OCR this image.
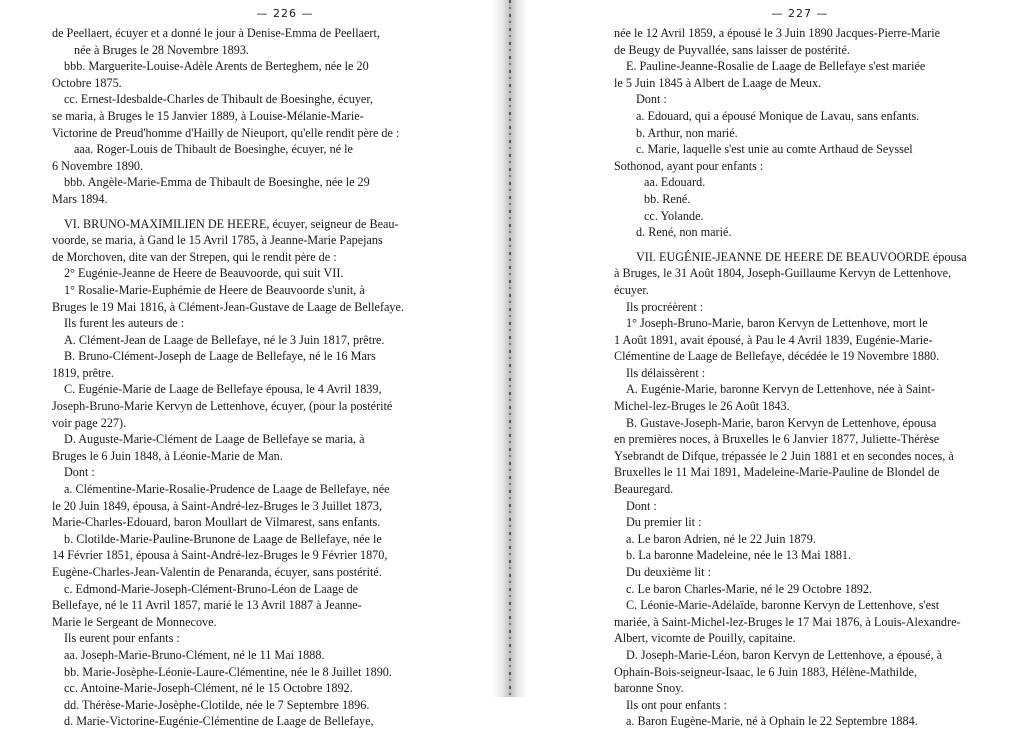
— 226 —
de Peellaert, écuyer et a donné le jour à Denise-Emma de Peellaert,
née à Bruges le 28 Novembre 1893.
bbb. Marguerite-Louise-Adèle Arents de Berteghem, née le 20
Octobre 1875.
cc. Ernest-Idesbalde-Charles de Thibault de Boesinghe, écuyer,
se maria, à Bruges le 15 Janvier 1889, à Louise-Mélanie-Marie-
Victorine de Preud'homme d'Hailly de Nieuport, qu'elle rendit père de :
aaa. Roger-Louis de Thibault de Boesinghe, écuyer, né le
6 Novembre 1890.
bbb. Angèle-Marie-Emma de Thibault de Boesinghe, née le 29
Mars 1894.
VI. BRUNO-MAXIMILIEN DE HEERE, écuyer, seigneur de Beau-
voorde, se maria, à Gand le 15 Avril 1785, à Jeanne-Marie Papejans
de Morchoven, dite van der Strepen, qui le rendit père de :
2° Eugénie-Jeanne de Heere de Beauvoorde, qui suit VII.
1° Rosalie-Marie-Euphémie de Heere de Beauvoorde s'unit, à
Bruges le 19 Mai 1816, à Clément-Jean-Gustave de Laage de Bellefaye.
Ils furent les auteurs de :
A. Clément-Jean de Laage de Bellefaye, né le 3 Juin 1817, prêtre.
B. Bruno-Clément-Joseph de Laage de Bellefaye, né le 16 Mars
1819, prêtre.
C. Eugénie-Marie de Laage de Bellefaye épousa, le 4 Avril 1839,
Joseph-Bruno-Marie Kervyn de Lettenhove, écuyer, (pour la postérité
voir page 227).
D. Auguste-Marie-Clément de Laage de Bellefaye se maria, à
Bruges le 6 Juin 1848, à Léonie-Marie de Man.
Dont :
a. Clémentine-Marie-Rosalie-Prudence de Laage de Bellefaye, née
le 20 Juin 1849, épousa, à Saint-André-lez-Bruges le 3 Juillet 1873,
Marie-Charles-Edouard, baron Moullart de Vilmarest, sans enfants.
b. Clotilde-Marie-Pauline-Brunone de Laage de Bellefaye, née le
14 Février 1851, épousa à Saint-André-lez-Bruges le 9 Février 1870,
Eugène-Charles-Jean-Valentin de Penaranda, écuyer, sans postérité.
c. Edmond-Marie-Joseph-Clément-Bruno-Léon de Laage de
Bellefaye, né le 11 Avril 1857, marié le 13 Avril 1887 à Jeanne-
Marie le Sergeant de Monnecove.
Ils eurent pour enfants :
aa. Joseph-Marie-Bruno-Clément, né le 11 Mai 1888.
bb. Marie-Josèphe-Léonie-Laure-Clémentine, née le 8 Juillet 1890.
cc. Antoine-Marie-Joseph-Clément, né le 15 Octobre 1892.
dd. Thérèse-Marie-Josèphe-Clotilde, née le 7 Septembre 1896.
d. Marie-Victorine-Eugénie-Clémentine de Laage de Bellefaye,
— 227 —
née le 12 Avril 1859, a épousé le 3 Juin 1890 Jacques-Pierre-Marie
de Beugy de Puyvallée, sans laisser de postérité.
E. Pauline-Jeanne-Rosalie de Laage de Bellefaye s'est mariée
le 5 Juin 1845 à Albert de Laage de Meux.
Dont :
a. Edouard, qui a épousé Monique de Lavau, sans enfants.
b. Arthur, non marié.
c. Marie, laquelle s'est unie au comte Arthaud de Seyssel
Sothonod, ayant pour enfants :
aa. Edouard.
bb. René.
cc. Yolande.
d. René, non marié.
VII. EUGÉNIE-JEANNE DE HEERE DE BEAUVOORDE épousa
à Bruges, le 31 Août 1804, Joseph-Guillaume Kervyn de Lettenhove,
écuyer.
Ils procréèrent :
1° Joseph-Bruno-Marie, baron Kervyn de Lettenhove, mort le
1 Août 1891, avait épousé, à Pau le 4 Avril 1839, Eugénie-Marie-
Clémentine de Laage de Bellefaye, décédée le 19 Novembre 1880.
Ils délaissèrent :
A. Eugénie-Marie, baronne Kervyn de Lettenhove, née à Saint-
Michel-lez-Bruges le 26 Août 1843.
B. Gustave-Joseph-Marie, baron Kervyn de Lettenhove, épousa
en premières noces, à Bruxelles le 6 Janvier 1877, Juliette-Thérèse
Ysebrandt de Difque, trépassée le 2 Juin 1881 et en secondes noces, à
Bruxelles le 11 Mai 1891, Madeleine-Marie-Pauline de Blondel de
Beauregard.
Dont :
Du premier lit :
a. Le baron Adrien, né le 22 Juin 1879.
b. La baronne Madeleine, née le 13 Mai 1881.
Du deuxième lit :
c. Le baron Charles-Marie, né le 29 Octobre 1892.
C. Léonie-Marie-Adélaïde, baronne Kervyn de Lettenhove, s'est
mariée, à Saint-Michel-lez-Bruges le 17 Mai 1876, à Louis-Alexandre-
Albert, vicomte de Pouilly, capitaine.
D. Joseph-Marie-Léon, baron Kervyn de Lettenhove, a épousé, à
Ophain-Bois-seigneur-Isaac, le 6 Juin 1883, Hélène-Mathilde,
baronne Snoy.
Ils ont pour enfants :
a. Baron Eugène-Marie, né à Ophain le 22 Septembre 1884.
